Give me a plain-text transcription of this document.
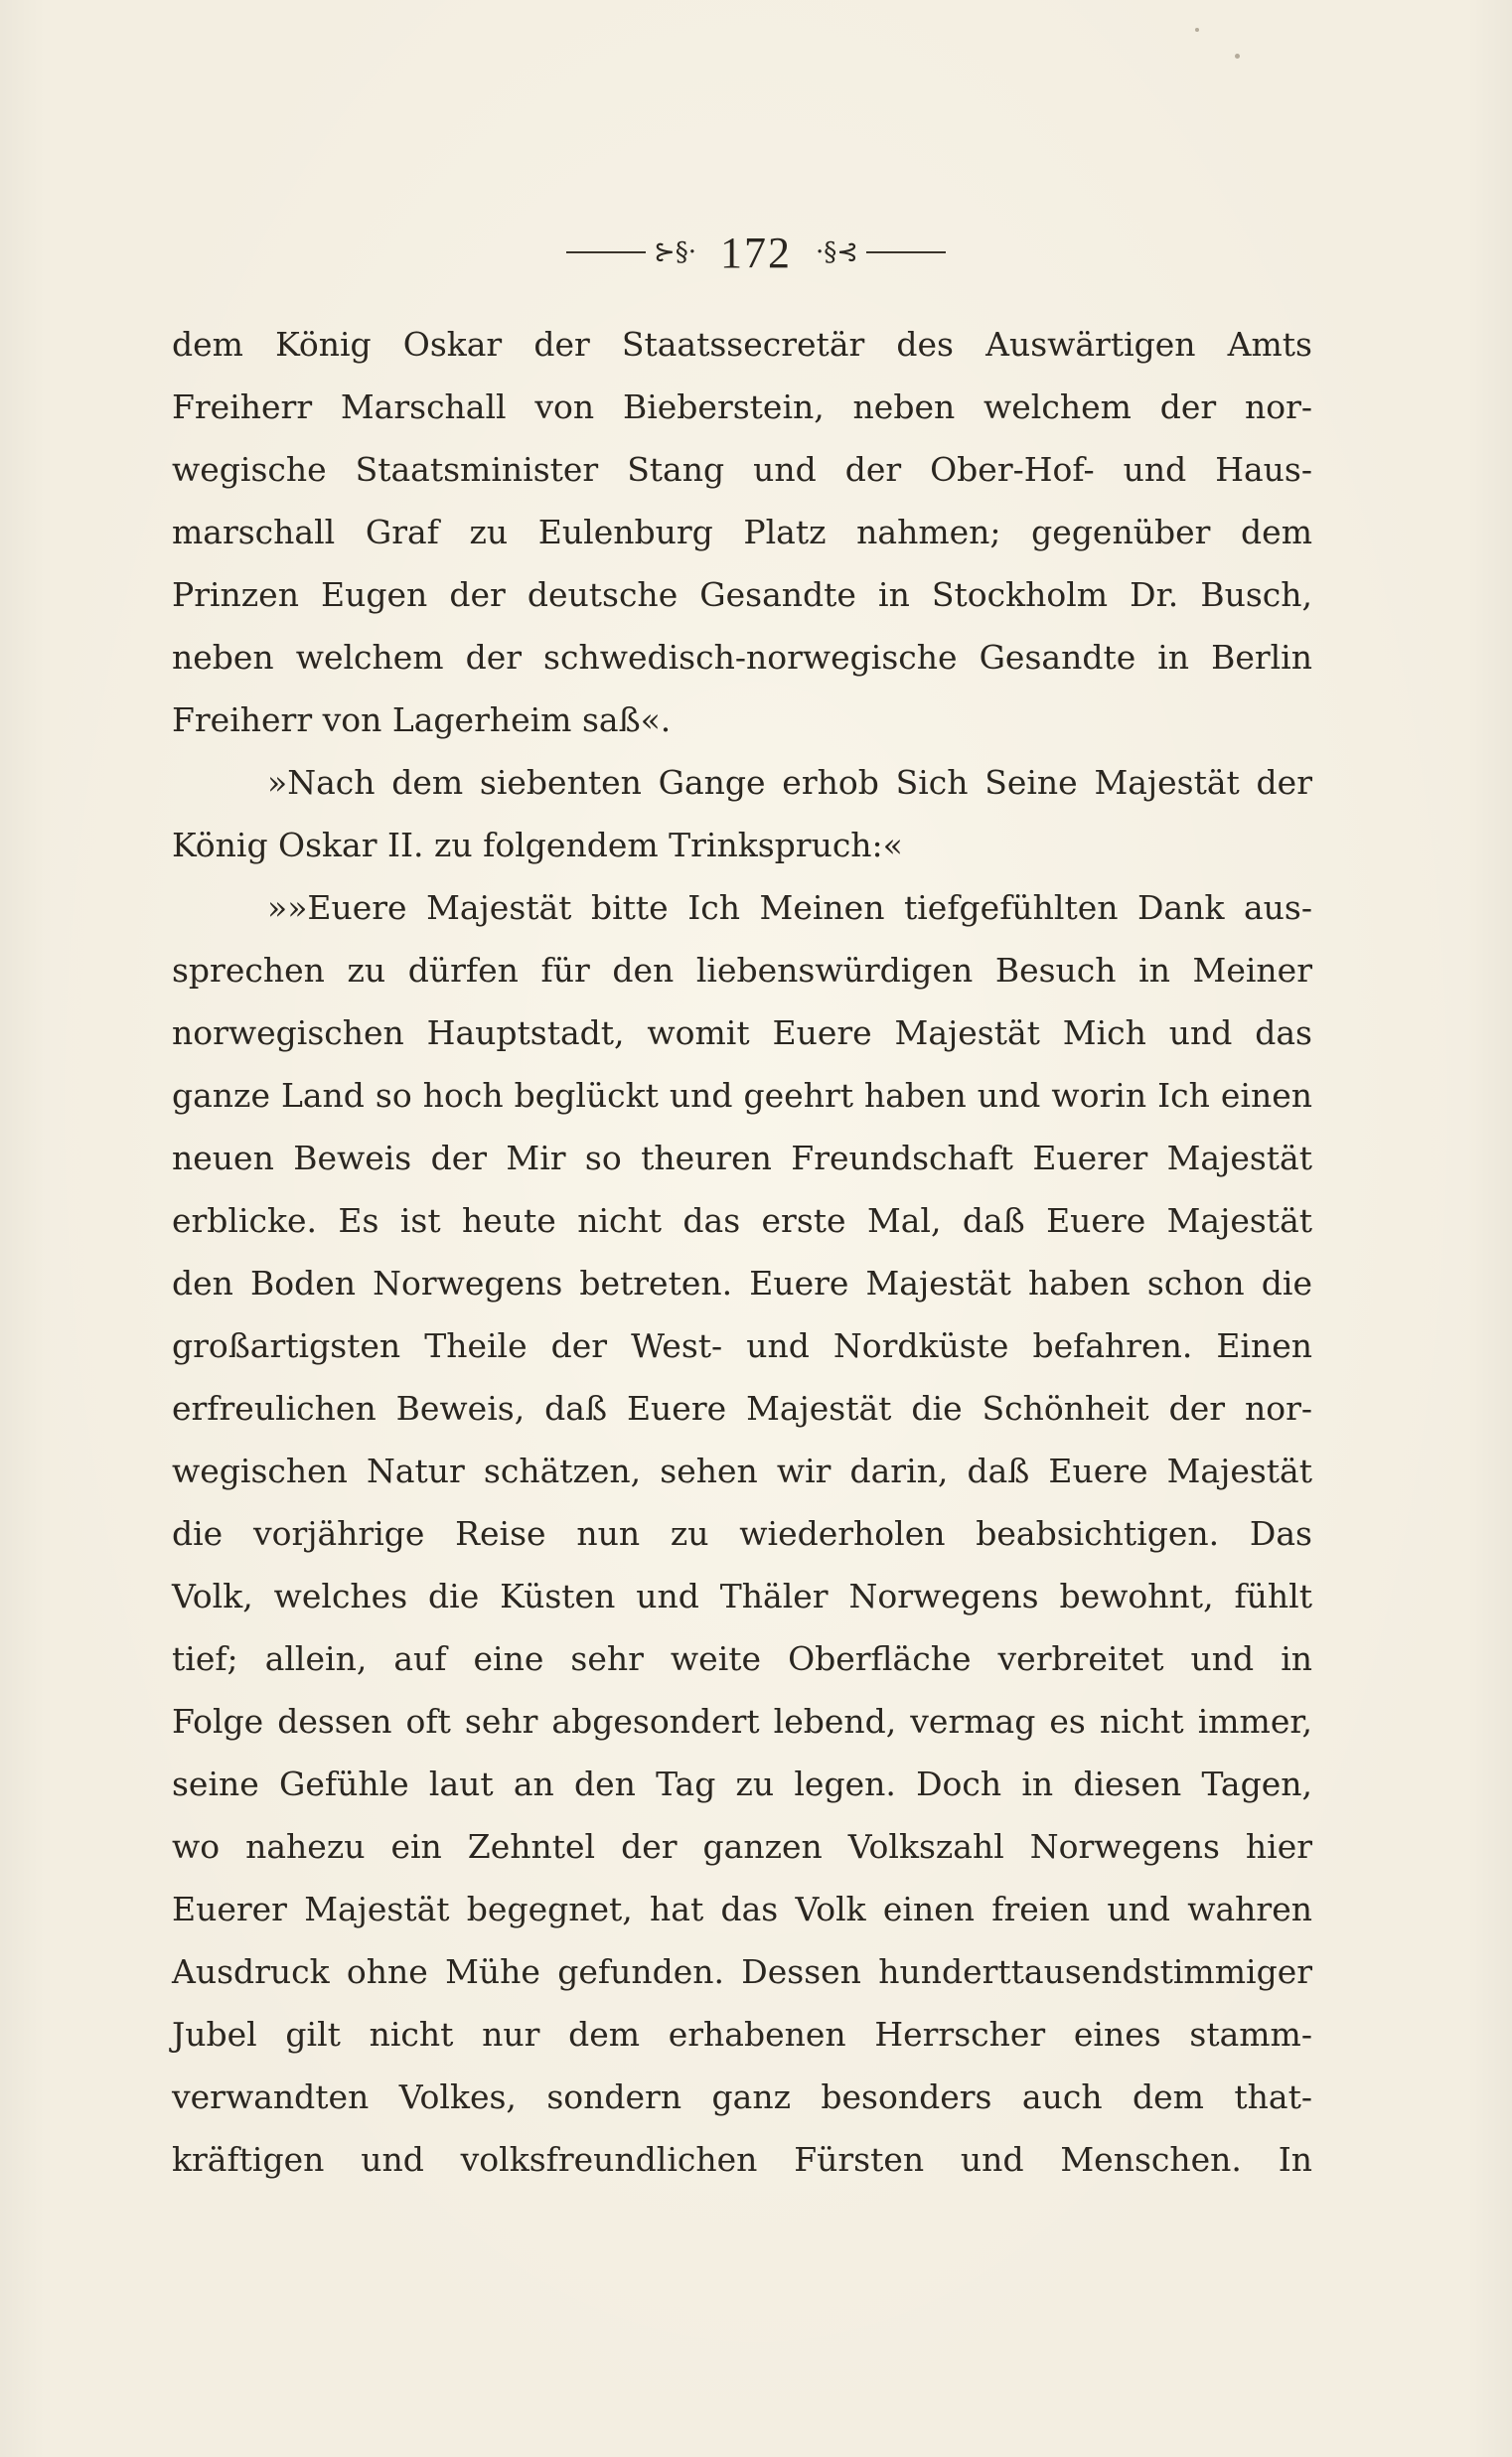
⊱§· 172 ·§⊰
dem König Oskar der Staatssecretär des Auswärtigen Amts
Freiherr Marschall von Bieberstein, neben welchem der nor-
wegische Staatsminister Stang und der Ober-Hof- und Haus-
marschall Graf zu Eulenburg Platz nahmen; gegenüber dem
Prinzen Eugen der deutsche Gesandte in Stockholm Dr. Busch,
neben welchem der schwedisch-norwegische Gesandte in Berlin
Freiherr von Lagerheim saß«.
»Nach dem siebenten Gange erhob Sich Seine Majestät der
König Oskar II. zu folgendem Trinkspruch:«
»»Euere Majestät bitte Ich Meinen tiefgefühlten Dank aus-
sprechen zu dürfen für den liebenswürdigen Besuch in Meiner
norwegischen Hauptstadt, womit Euere Majestät Mich und das
ganze Land so hoch beglückt und geehrt haben und worin Ich einen
neuen Beweis der Mir so theuren Freundschaft Euerer Majestät
erblicke. Es ist heute nicht das erste Mal, daß Euere Majestät
den Boden Norwegens betreten. Euere Majestät haben schon die
großartigsten Theile der West- und Nordküste befahren. Einen
erfreulichen Beweis, daß Euere Majestät die Schönheit der nor-
wegischen Natur schätzen, sehen wir darin, daß Euere Majestät
die vorjährige Reise nun zu wiederholen beabsichtigen. Das
Volk, welches die Küsten und Thäler Norwegens bewohnt, fühlt
tief; allein, auf eine sehr weite Oberfläche verbreitet und in
Folge dessen oft sehr abgesondert lebend, vermag es nicht immer,
seine Gefühle laut an den Tag zu legen. Doch in diesen Tagen,
wo nahezu ein Zehntel der ganzen Volkszahl Norwegens hier
Euerer Majestät begegnet, hat das Volk einen freien und wahren
Ausdruck ohne Mühe gefunden. Dessen hunderttausendstimmiger
Jubel gilt nicht nur dem erhabenen Herrscher eines stamm-
verwandten Volkes, sondern ganz besonders auch dem that-
kräftigen und volksfreundlichen Fürsten und Menschen. In
